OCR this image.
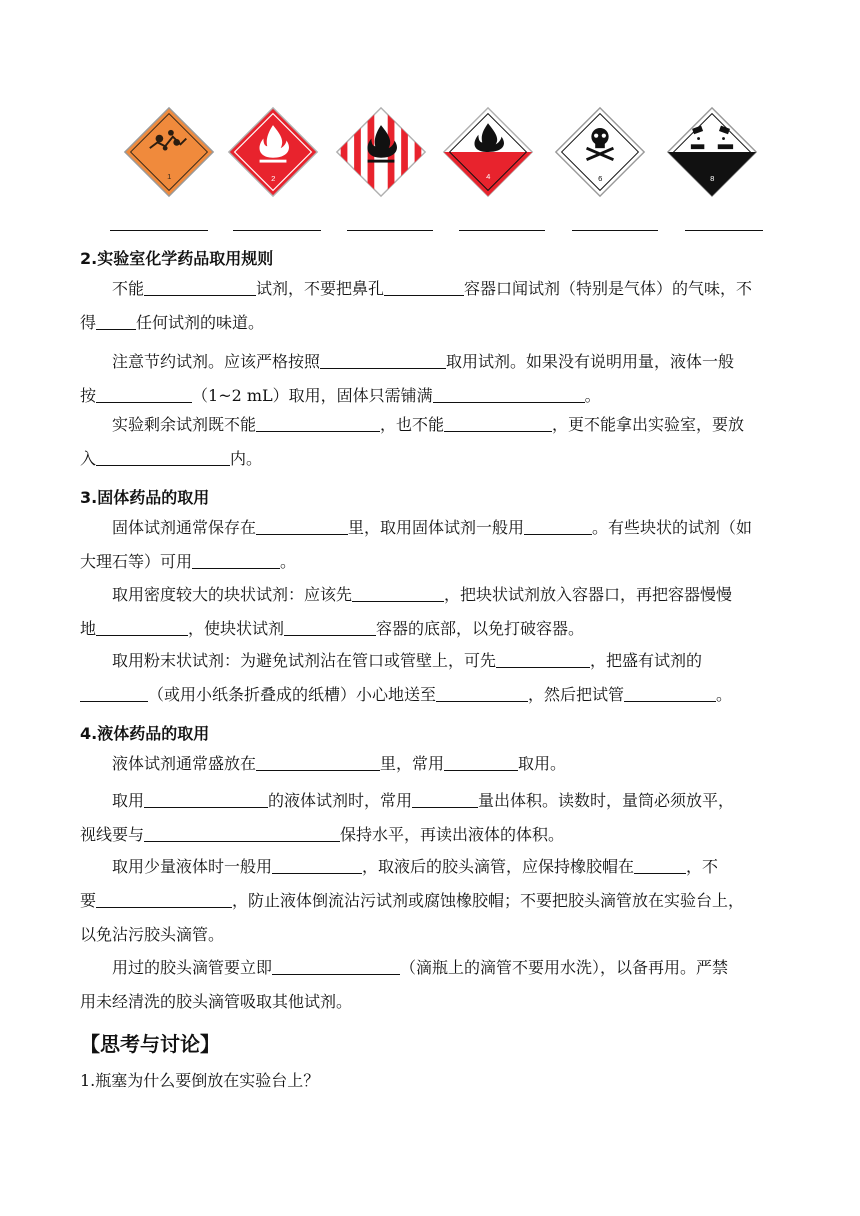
1	2	4	6	8
2.实验室化学药品取用规则
不能	试剂，不要把鼻孔	容器口闻试剂（特别是气体）的气味，不
得	任何试剂的味道。
注意节约试剂。应该严格按照	取用试剂。如果没有说明用量，液体一般
按	（1~2 mL）取用，固体只需铺满	。
实验剩余试剂既不能	，也不能	，更不能拿出实验室，要放
入	内。
3.固体药品的取用
固体试剂通常保存在	里，取用固体试剂一般用	。有些块状的试剂（如
大理石等）可用	。
取用密度较大的块状试剂：应该先	，把块状试剂放入容器口，再把容器慢慢
地	，使块状试剂	容器的底部，以免打破容器。
取用粉末状试剂：为避免试剂沾在管口或管壁上，可先	，把盛有试剂的
（或用小纸条折叠成的纸槽）小心地送至	，然后把试管	。
4.液体药品的取用
液体试剂通常盛放在	里，常用	取用。
取用	的液体试剂时，常用	量出体积。读数时，量筒必须放平，
视线要与	保持水平，再读出液体的体积。
取用少量液体时一般用	，取液后的胶头滴管，应保持橡胶帽在	，不
要	，防止液体倒流沾污试剂或腐蚀橡胶帽；不要把胶头滴管放在实验台上，
以免沾污胶头滴管。
用过的胶头滴管要立即	（滴瓶上的滴管不要用水洗），以备再用。严禁
用未经清洗的胶头滴管吸取其他试剂。
【思考与讨论】
1.瓶塞为什么要倒放在实验台上？
